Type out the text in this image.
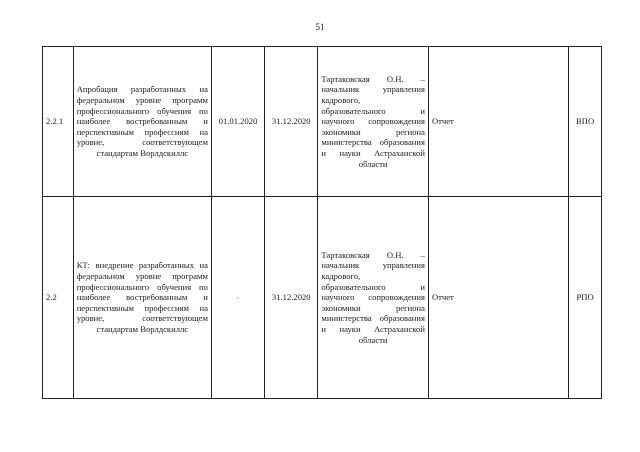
51
2.2.1	Апробация разработанных на федеральном уровне программ профессионального обучения по наиболее востребованным и перспективным профессиям на уровне, соответствующем стандартам Ворлдскиллс	01.01.2020	31.12.2020	Тартаковская О.Н. – начальник управления кадрового, образовательного и научного сопровождения экономики региона министерства образования и науки Астраханской области	Отчет	ВПО
2.2	КТ: внедрение разработанных на федеральном уровне программ профессионального обучения по наиболее востребованным и перспективным профессиям на уровне, соответствующем стандартам Ворлдскиллс	-	31.12.2020	Тартаковская О.Н. – начальник управления кадрового, образовательного и научного сопровождения экономики региона министерства образования и науки Астраханской области	Отчет	РПО
